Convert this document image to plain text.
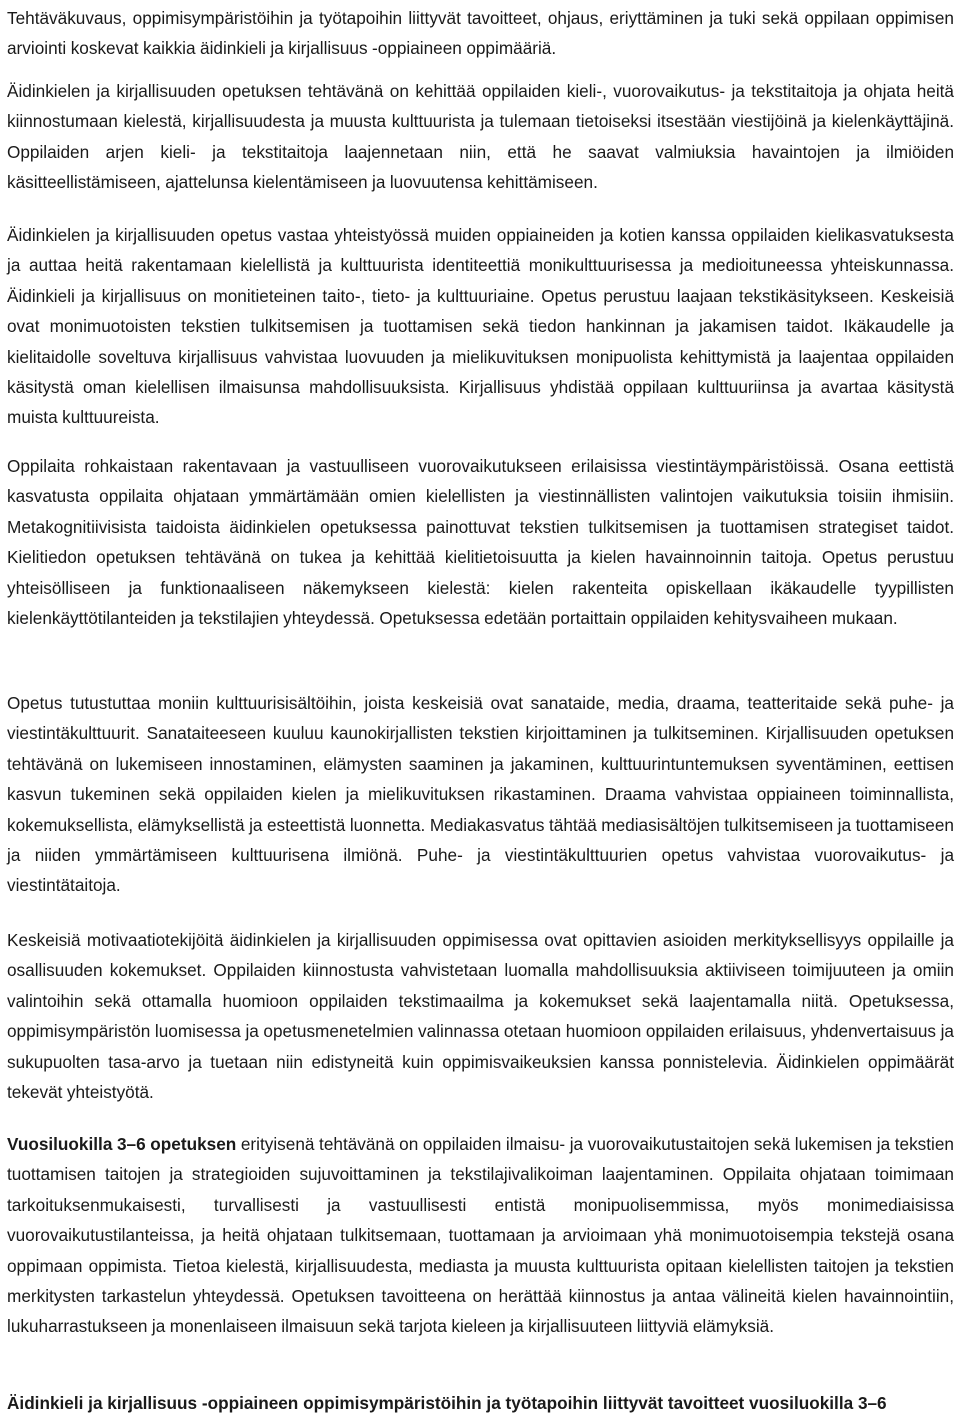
Tehtäväkuvaus, oppimisympäristöihin ja työtapoihin liittyvät tavoitteet, ohjaus, eriyttäminen ja tuki sekä oppilaan oppimisen arviointi koskevat kaikkia äidinkieli ja kirjallisuus -oppiaineen oppimääriä.

Äidinkielen ja kirjallisuuden opetuksen tehtävänä on kehittää oppilaiden kieli-, vuorovaikutus- ja tekstitaitoja ja ohjata heitä kiinnostumaan kielestä, kirjallisuudesta ja muusta kulttuurista ja tulemaan tietoiseksi itsestään viestijöinä ja kielenkäyttäjinä. Oppilaiden arjen kieli- ja tekstitaitoja laajennetaan niin, että he saavat valmiuksia havaintojen ja ilmiöiden käsitteellistämiseen, ajattelunsa kielentämiseen ja luovuutensa kehittämiseen.

Äidinkielen ja kirjallisuuden opetus vastaa yhteistyössä muiden oppiaineiden ja kotien kanssa oppilaiden kielikasvatuksesta ja auttaa heitä rakentamaan kielellistä ja kulttuurista identiteettiä monikulttuurisessa ja medioituneessa yhteiskunnassa. Äidinkieli ja kirjallisuus on monitieteinen taito-, tieto- ja kulttuuriaine. Opetus perustuu laajaan tekstikäsitykseen. Keskeisiä ovat monimuotoisten tekstien tulkitsemisen ja tuottamisen sekä tiedon hankinnan ja jakamisen taidot. Ikäkaudelle ja kielitaidolle soveltuva kirjallisuus vahvistaa luovuuden ja mielikuvituksen monipuolista kehittymistä ja laajentaa oppilaiden käsitystä oman kielellisen ilmaisunsa mahdollisuuksista. Kirjallisuus yhdistää oppilaan kulttuuriinsa ja avartaa käsitystä muista kulttuureista.

Oppilaita rohkaistaan rakentavaan ja vastuulliseen vuorovaikutukseen erilaisissa viestintäympäristöissä. Osana eettistä kasvatusta oppilaita ohjataan ymmärtämään omien kielellisten ja viestinnällisten valintojen vaikutuksia toisiin ihmisiin. Metakognitiivisista taidoista äidinkielen opetuksessa painottuvat tekstien tulkitsemisen ja tuottamisen strategiset taidot. Kielitiedon opetuksen tehtävänä on tukea ja kehittää kielitietoisuutta ja kielen havainnoinnin taitoja. Opetus perustuu yhteisölliseen ja funktionaaliseen näkemykseen kielestä: kielen rakenteita opiskellaan ikäkaudelle tyypillisten kielenkäyttötilanteiden ja tekstilajien yhteydessä. Opetuksessa edetään portaittain oppilaiden kehitysvaiheen mukaan.

Opetus tutustuttaa moniin kulttuurisisältöihin, joista keskeisiä ovat sanataide, media, draama, teatteritaide sekä puhe- ja viestintäkulttuurit. Sanataiteeseen kuuluu kaunokirjallisten tekstien kirjoittaminen ja tulkitseminen. Kirjallisuuden opetuksen tehtävänä on lukemiseen innostaminen, elämysten saaminen ja jakaminen, kulttuurintuntemuksen syventäminen, eettisen kasvun tukeminen sekä oppilaiden kielen ja mielikuvituksen rikastaminen. Draama vahvistaa oppiaineen toiminnallista, kokemuksellista, elämyksellistä ja esteettistä luonnetta. Mediakasvatus tähtää mediasisältöjen tulkitsemiseen ja tuottamiseen ja niiden ymmärtämiseen kulttuurisena ilmiönä. Puhe- ja viestintäkulttuurien opetus vahvistaa vuorovaikutus- ja viestintätaitoja.

Keskeisiä motivaatiotekijöitä äidinkielen ja kirjallisuuden oppimisessa ovat opittavien asioiden merkityksellisyys oppilaille ja osallisuuden kokemukset. Oppilaiden kiinnostusta vahvistetaan luomalla mahdollisuuksia aktiiviseen toimijuuteen ja omiin valintoihin sekä ottamalla huomioon oppilaiden tekstimaailma ja kokemukset sekä laajentamalla niitä. Opetuksessa, oppimisympäristön luomisessa ja opetusmenetelmien valinnassa otetaan huomioon oppilaiden erilaisuus, yhdenvertaisuus ja sukupuolten tasa-arvo ja tuetaan niin edistyneitä kuin oppimisvaikeuksien kanssa ponnistelevia. Äidinkielen oppimäärät tekevät yhteistyötä.

Vuosiluokilla 3–6 opetuksen erityisenä tehtävänä on oppilaiden ilmaisu- ja vuorovaikutustaitojen sekä lukemisen ja tekstien tuottamisen taitojen ja strategioiden sujuvoittaminen ja tekstilajivalikoiman laajentaminen. Oppilaita ohjataan toimimaan tarkoituksenmukaisesti, turvallisesti ja vastuullisesti entistä monipuolisemmissa, myös monimediaisissa vuorovaikutustilanteissa, ja heitä ohjataan tulkitsemaan, tuottamaan ja arvioimaan yhä monimuotoisempia tekstejä osana oppimaan oppimista. Tietoa kielestä, kirjallisuudesta, mediasta ja muusta kulttuurista opitaan kielellisten taitojen ja tekstien merkitysten tarkastelun yhteydessä. Opetuksen tavoitteena on herättää kiinnostus ja antaa välineitä kielen havainnointiin, lukuharrastukseen ja monenlaiseen ilmaisuun sekä tarjota kieleen ja kirjallisuuteen liittyviä elämyksiä.

Äidinkieli ja kirjallisuus -oppiaineen oppimisympäristöihin ja työtapoihin liittyvät tavoitteet vuosiluokilla 3–6
